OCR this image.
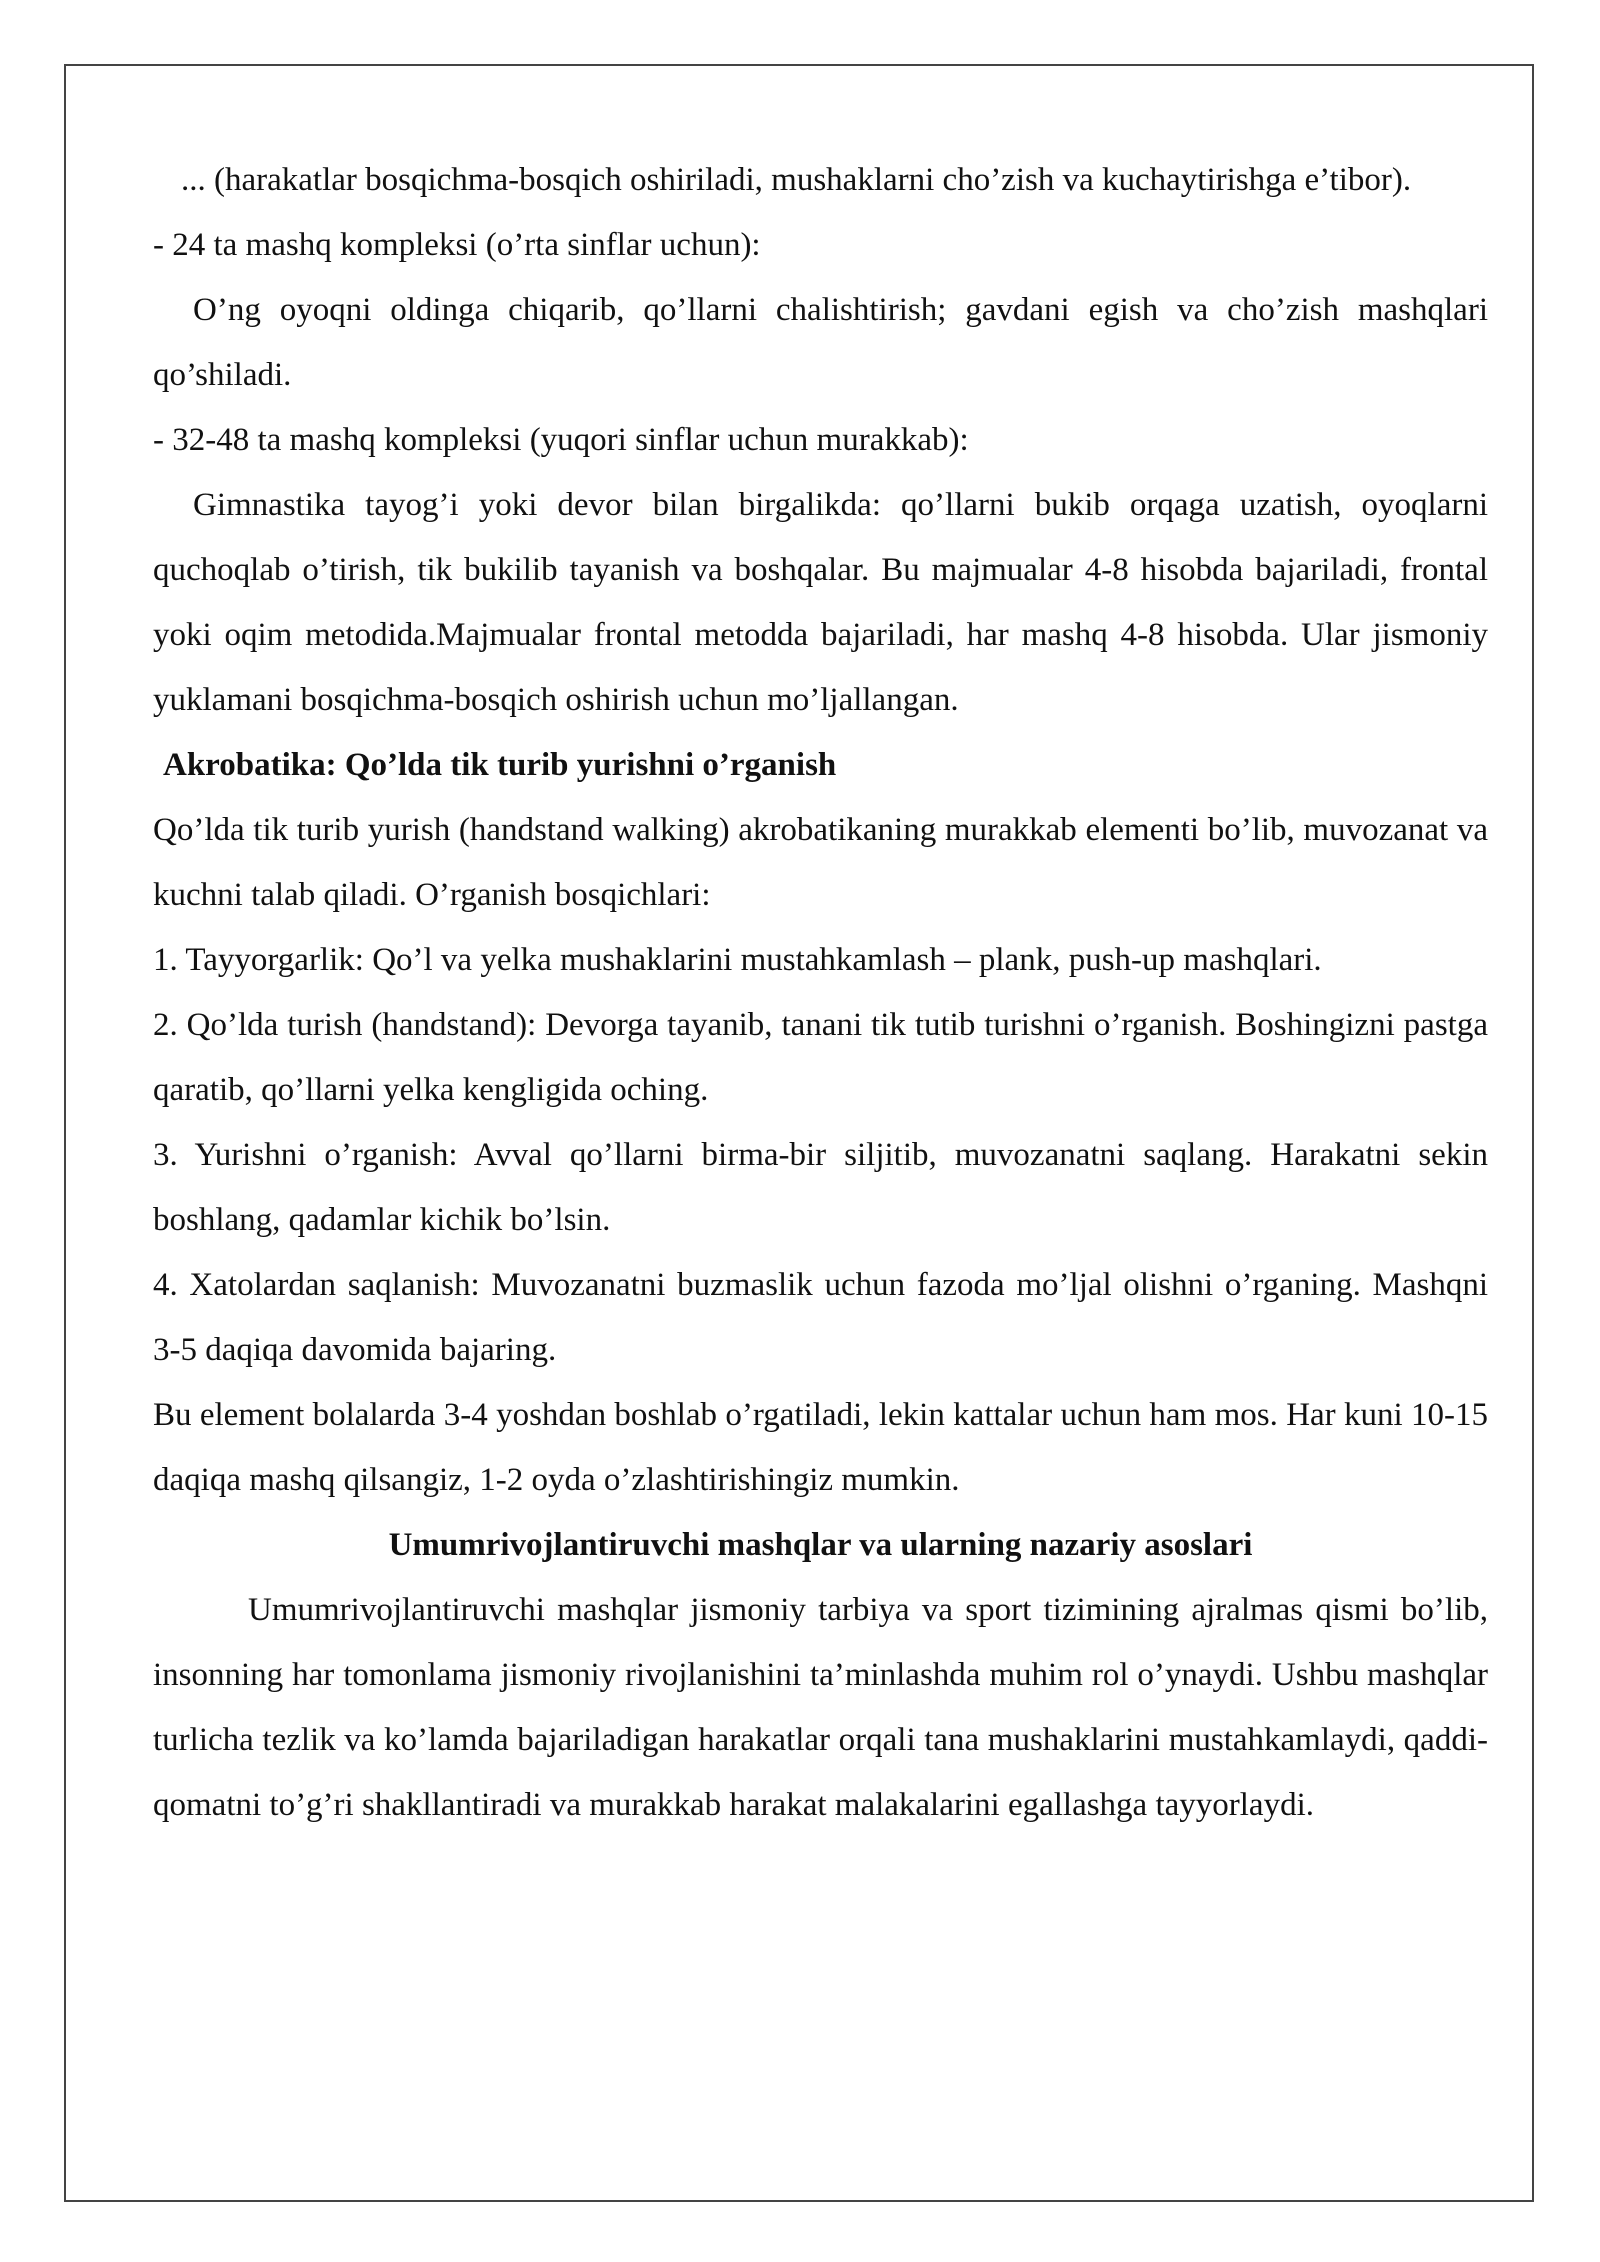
... (harakatlar bosqichma-bosqich oshiriladi, mushaklarni cho’zish va kuchaytirishga e’tibor).

- 24 ta mashq kompleksi (o’rta sinflar uchun):

O’ng oyoqni oldinga chiqarib, qo’llarni chalishtirish; gavdani egish va cho’zish mashqlari qo’shiladi.

- 32-48 ta mashq kompleksi (yuqori sinflar uchun murakkab):

Gimnastika tayog’i yoki devor bilan birgalikda: qo’llarni bukib orqaga uzatish, oyoqlarni quchoqlab o’tirish, tik bukilib tayanish va boshqalar. Bu majmualar 4-8 hisobda bajariladi, frontal yoki oqim metodida.Majmualar frontal metodda bajariladi, har mashq 4-8 hisobda. Ular jismoniy yuklamani bosqichma-bosqich oshirish uchun mo’ljallangan.

Akrobatika: Qo’lda tik turib yurishni o’rganish

Qo’lda tik turib yurish (handstand walking) akrobatikaning murakkab elementi bo’lib, muvozanat va kuchni talab qiladi. O’rganish bosqichlari:

1. Tayyorgarlik: Qo’l va yelka mushaklarini mustahkamlash – plank, push-up mashqlari.

2. Qo’lda turish (handstand): Devorga tayanib, tanani tik tutib turishni o’rganish. Boshingizni pastga qaratib, qo’llarni yelka kengligida oching.

3. Yurishni o’rganish: Avval qo’llarni birma-bir siljitib, muvozanatni saqlang. Harakatni sekin boshlang, qadamlar kichik bo’lsin.

4. Xatolardan saqlanish: Muvozanatni buzmaslik uchun fazoda mo’ljal olishni o’rganing. Mashqni 3-5 daqiqa davomida bajaring.

Bu element bolalarda 3-4 yoshdan boshlab o’rgatiladi, lekin kattalar uchun ham mos. Har kuni 10-15 daqiqa mashq qilsangiz, 1-2 oyda o’zlashtirishingiz mumkin.

Umumrivojlantiruvchi mashqlar va ularning nazariy asoslari

Umumrivojlantiruvchi mashqlar jismoniy tarbiya va sport tizimining ajralmas qismi bo’lib, insonning har tomonlama jismoniy rivojlanishini ta’minlashda muhim rol o’ynaydi. Ushbu mashqlar turlicha tezlik va ko’lamda bajariladigan harakatlar orqali tana mushaklarini mustahkamlaydi, qaddi-qomatni to’g’ri shakllantiradi va murakkab harakat malakalarini egallashga tayyorlaydi.
